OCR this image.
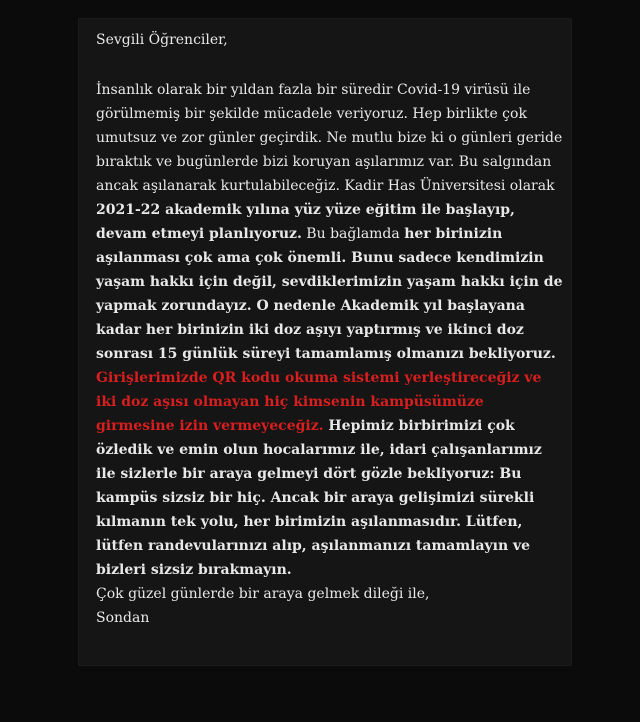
Sevgili Öğrenciler,

İnsanlık olarak bir yıldan fazla bir süredir Covid-19 virüsü ile görülmemiş bir şekilde mücadele veriyoruz. Hep birlikte çok umutsuz ve zor günler geçirdik. Ne mutlu bize ki o günleri geride bıraktık ve bugünlerde bizi koruyan aşılarımız var. Bu salgından ancak aşılanarak kurtulabileceğiz. Kadir Has Üniversitesi olarak 2021-22 akademik yılına yüz yüze eğitim ile başlayıp, devam etmeyi planlıyoruz. Bu bağlamda her birinizin aşılanması çok ama çok önemli. Bunu sadece kendimizin yaşam hakkı için değil, sevdiklerimizin yaşam hakkı için de yapmak zorundayız. O nedenle Akademik yıl başlayana kadar her birinizin iki doz aşıyı yaptırmış ve ikinci doz sonrası 15 günlük süreyi tamamlamış olmanızı bekliyoruz. Girişlerimizde QR kodu okuma sistemi yerleştireceğiz ve iki doz aşısı olmayan hiç kimsenin kampüsümüze girmesine izin vermeyeceğiz. Hepimiz birbirimizi çok özledik ve emin olun hocalarımız ile, idari çalışanlarımız ile sizlerle bir araya gelmeyi dört gözle bekliyoruz: Bu kampüs sizsiz bir hiç. Ancak bir araya gelişimizi sürekli kılmanın tek yolu, her birimizin aşılanmasıdır. Lütfen, lütfen randevularınızı alıp, aşılanmanızı tamamlayın ve bizleri sizsiz bırakmayın.

Çok güzel günlerde bir araya gelmek dileği ile,

Sondan
